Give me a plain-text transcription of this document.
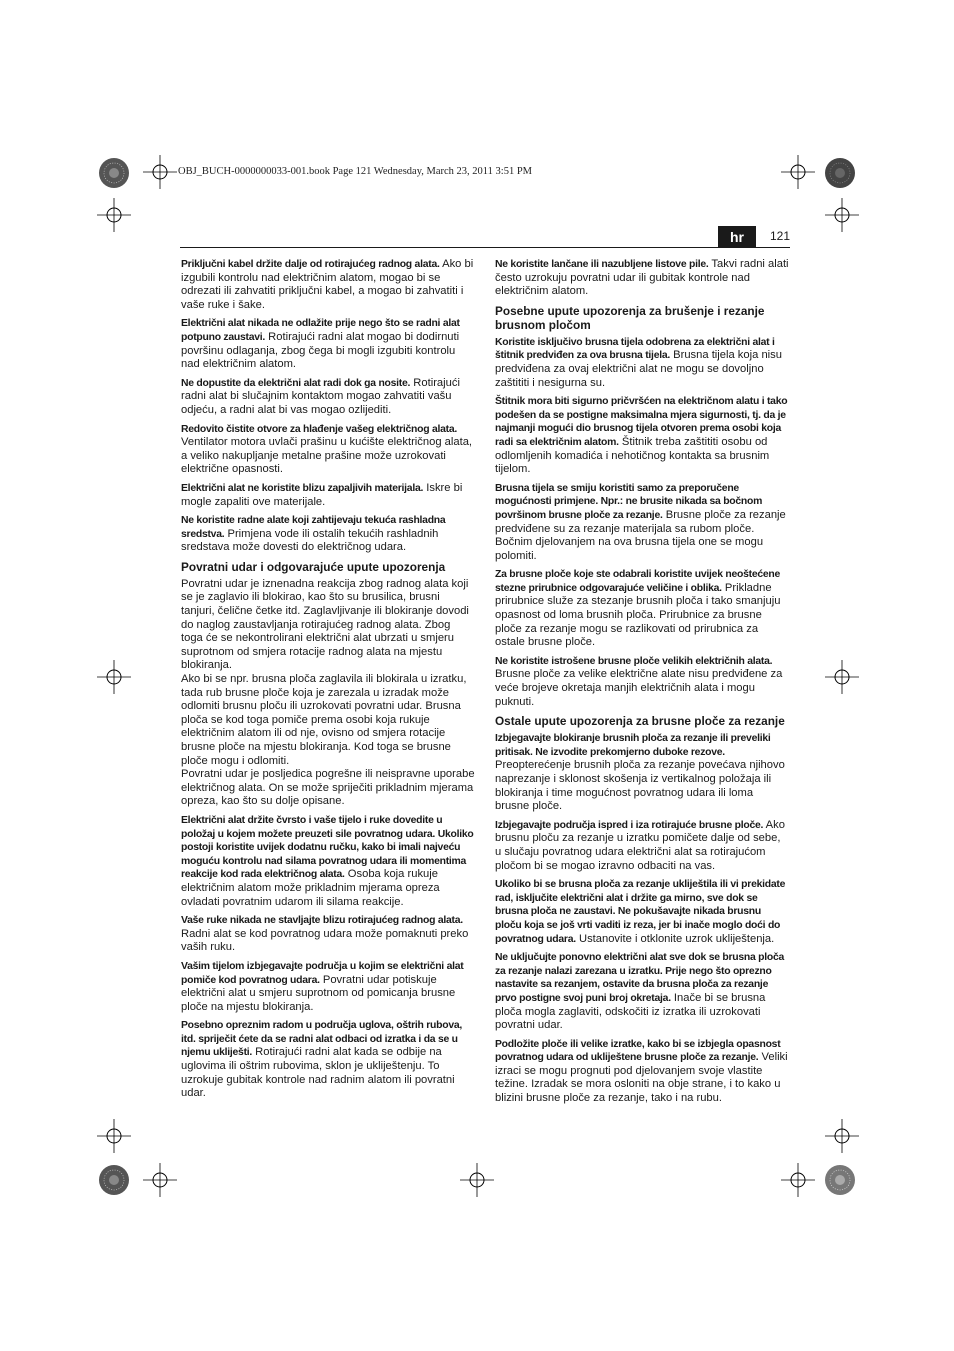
OBJ_BUCH-0000000033-001.book Page 121 Wednesday, March 23, 2011 3:51 PM
hr	121

Priključni kabel držite dalje od rotirajućeg radnog alata. Ako bi izgubili kontrolu nad električnim alatom, mogao bi se odrezati ili zahvatiti priključni kabel, a mogao bi zahvatiti i vaše ruke i šake.

Električni alat nikada ne odlažite prije nego što se radni alat potpuno zaustavi. Rotirajući radni alat mogao bi dodirnuti površinu odlaganja, zbog čega bi mogli izgubiti kontrolu nad električnim alatom.

Ne dopustite da električni alat radi dok ga nosite. Rotirajući radni alat bi slučajnim kontaktom mogao zahvatiti vašu odjeću, a radni alat bi vas mogao ozlijediti.

Redovito čistite otvore za hlađenje vašeg električnog alata. Ventilator motora uvlači prašinu u kućište električnog alata, a veliko nakupljanje metalne prašine može uzrokovati električne opasnosti.

Električni alat ne koristite blizu zapaljivih materijala. Iskre bi mogle zapaliti ove materijale.

Ne koristite radne alate koji zahtijevaju tekuća rashladna sredstva. Primjena vode ili ostalih tekućih rashladnih sredstava može dovesti do električnog udara.

Povratni udar i odgovarajuće upute upozorenja

Povratni udar je iznenadna reakcija zbog radnog alata koji se je zaglavio ili blokirao, kao što su brusilica, brusni tanjuri, čelične četke itd. Zaglavljivanje ili blokiranje dovodi do naglog zaustavljanja rotirajućeg radnog alata. Zbog toga će se nekontrolirani električni alat ubrzati u smjeru suprotnom od smjera rotacije radnog alata na mjestu blokiranja.

Ako bi se npr. brusna ploča zaglavila ili blokirala u izratku, tada rub brusne ploče koja je zarezala u izradak može odlomiti brusnu ploču ili uzrokovati povratni udar. Brusna ploča se kod toga pomiče prema osobi koja rukuje električnim alatom ili od nje, ovisno od smjera rotacije brusne ploče na mjestu blokiranja. Kod toga se brusne ploče mogu i odlomiti.

Povratni udar je posljedica pogrešne ili neispravne uporabe električnog alata. On se može spriječiti prikladnim mjerama opreza, kao što su dolje opisane.

Električni alat držite čvrsto i vaše tijelo i ruke dovedite u položaj u kojem možete preuzeti sile povratnog udara. Ukoliko postoji koristite uvijek dodatnu ručku, kako bi imali najveću moguću kontrolu nad silama povratnog udara ili momentima reakcije kod rada električnog alata. Osoba koja rukuje električnim alatom može prikladnim mjerama opreza ovladati povratnim udarom ili silama reakcije.

Vaše ruke nikada ne stavljajte blizu rotirajućeg radnog alata. Radni alat se kod povratnog udara može pomaknuti preko vaših ruku.

Vašim tijelom izbjegavajte područja u kojim se električni alat pomiče kod povratnog udara. Povratni udar potiskuje električni alat u smjeru suprotnom od pomicanja brusne ploče na mjestu blokiranja.

Posebno opreznim radom u područja uglova, oštrih rubova, itd. spriječit ćete da se radni alat odbaci od izratka i da se u njemu ukliješti. Rotirajući radni alat kada se odbije na uglovima ili oštrim rubovima, sklon je ukliještenju. To uzrokuje gubitak kontrole nad radnim alatom ili povratni udar.

Ne koristite lančane ili nazubljene listove pile. Takvi radni alati često uzrokuju povratni udar ili gubitak kontrole nad električnim alatom.

Posebne upute upozorenja za brušenje i rezanje brusnom pločom

Koristite isključivo brusna tijela odobrena za električni alat i štitnik predviđen za ova brusna tijela. Brusna tijela koja nisu predviđena za ovaj električni alat ne mogu se dovoljno zaštititi i nesigurna su.

Štitnik mora biti sigurno pričvršćen na električnom alatu i tako podešen da se postigne maksimalna mjera sigurnosti, tj. da je najmanji mogući dio brusnog tijela otvoren prema osobi koja radi sa električnim alatom. Štitnik treba zaštititi osobu od odlomljenih komadića i nehotičnog kontakta sa brusnim tijelom.

Brusna tijela se smiju koristiti samo za preporučene mogućnosti primjene. Npr.: ne brusite nikada sa bočnom površinom brusne ploče za rezanje. Brusne ploče za rezanje predviđene su za rezanje materijala sa rubom ploče. Bočnim djelovanjem na ova brusna tijela one se mogu polomiti.

Za brusne ploče koje ste odabrali koristite uvijek neoštećene stezne prirubnice odgovarajuće veličine i oblika. Prikladne prirubnice služe za stezanje brusnih ploča i tako smanjuju opasnost od loma brusnih ploča. Prirubnice za brusne ploče za rezanje mogu se razlikovati od prirubnica za ostale brusne ploče.

Ne koristite istrošene brusne ploče velikih električnih alata. Brusne ploče za velike električne alate nisu predviđene za veće brojeve okretaja manjih električnih alata i mogu puknuti.

Ostale upute upozorenja za brusne ploče za rezanje

Izbjegavajte blokiranje brusnih ploča za rezanje ili preveliki pritisak. Ne izvodite prekomjerno duboke rezove. Preopterećenje brusnih ploča za rezanje povećava njihovo naprezanje i sklonost skošenja iz vertikalnog položaja ili blokiranja i time mogućnost povratnog udara ili loma brusne ploče.

Izbjegavajte područja ispred i iza rotirajuće brusne ploče. Ako brusnu ploču za rezanje u izratku pomičete dalje od sebe, u slučaju povratnog udara električni alat sa rotirajućom pločom bi se mogao izravno odbaciti na vas.

Ukoliko bi se brusna ploča za rezanje ukliještila ili vi prekidate rad, isključite električni alat i držite ga mirno, sve dok se brusna ploča ne zaustavi. Ne pokušavajte nikada brusnu ploču koja se još vrti vaditi iz reza, jer bi inače moglo doći do povratnog udara. Ustanovite i otklonite uzrok ukliještenja.

Ne uključujte ponovno električni alat sve dok se brusna ploča za rezanje nalazi zarezana u izratku. Prije nego što oprezno nastavite sa rezanjem, ostavite da brusna ploča za rezanje prvo postigne svoj puni broj okretaja. Inače bi se brusna ploča mogla zaglaviti, odskočiti iz izratka ili uzrokovati povratni udar.

Podložite ploče ili velike izratke, kako bi se izbjegla opasnost povratnog udara od ukliještene brusne ploče za rezanje. Veliki izraci se mogu prognuti pod djelovanjem svoje vlastite težine. Izradak se mora osloniti na obje strane, i to kako u blizini brusne ploče za rezanje, tako i na rubu.
